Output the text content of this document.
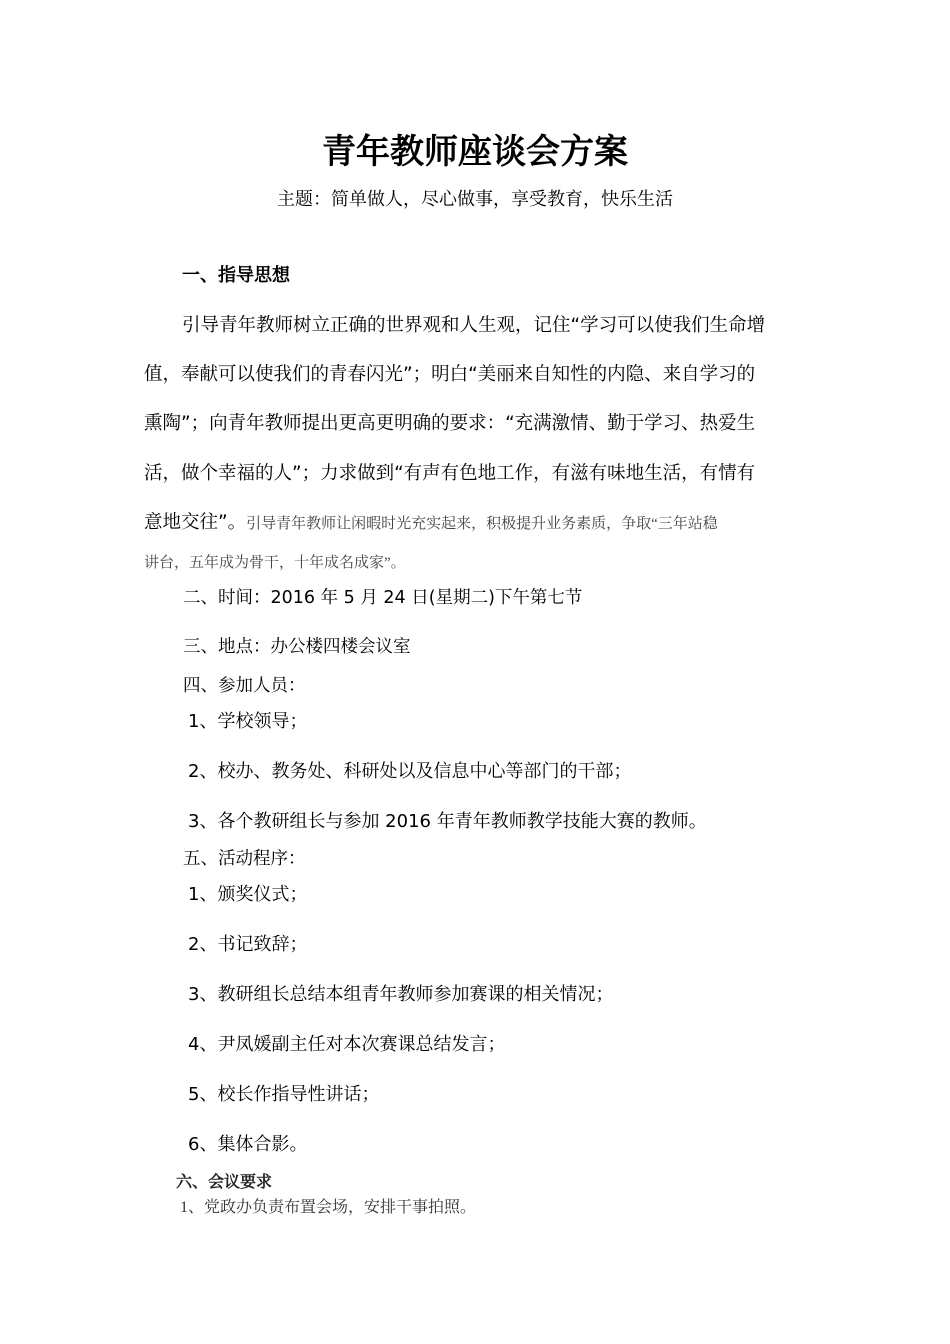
青年教师座谈会方案
主题：简单做人，尽心做事，享受教育，快乐生活
一、指导思想
引导青年教师树立正确的世界观和人生观，记住“学习可以使我们生命增
值，奉献可以使我们的青春闪光”；明白“美丽来自知性的内隐、来自学习的
熏陶”；向青年教师提出更高更明确的要求：“充满激情、勤于学习、热爱生
活，做个幸福的人”；力求做到“有声有色地工作，有滋有味地生活，有情有
意地交往”。引导青年教师让闲暇时光充实起来，积极提升业务素质，争取“三年站稳
讲台，五年成为骨干，十年成名成家”。
二、时间：2016 年 5 月 24 日(星期二)下午第七节
三、地点：办公楼四楼会议室
四、参加人员：
1、学校领导；
2、校办、教务处、科研处以及信息中心等部门的干部；
3、各个教研组长与参加 2016 年青年教师教学技能大赛的教师。
五、活动程序：
1、颁奖仪式；
2、书记致辞；
3、教研组长总结本组青年教师参加赛课的相关情况；
4、尹凤媛副主任对本次赛课总结发言；
5、校长作指导性讲话；
6、集体合影。
六、会议要求
1、党政办负责布置会场，安排干事拍照。
